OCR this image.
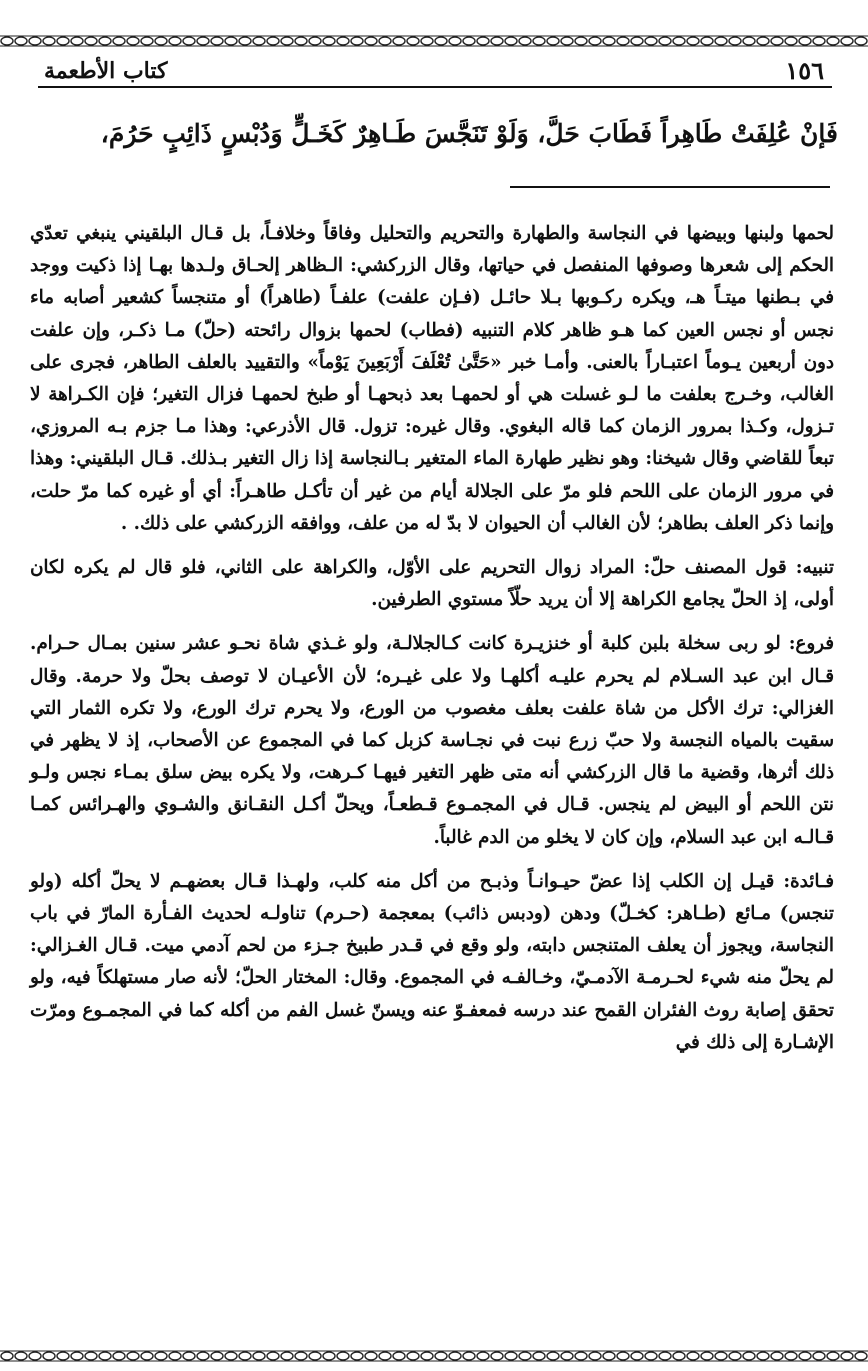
١٥٦
كتاب الأطعمة
فَإنْ عُلِفَتْ طَاهِراً فَطَابَ حَلَّ، وَلَوْ تَنَجَّسَ طَـاهِرٌ كَخَـلٍّ وَدُبْسٍ ذَائِبٍ حَرُمَ،

لحمها ولبنها وبيضها في النجاسة والطهارة والتحريم والتحليل وفاقاً وخلافـاً، بل قـال البلقيني ينبغي تعدّي الحكم إلى شعرها وصوفها المنفصل في حياتها، وقال الزركشي: الـظاهر إلحـاق ولـدها بهـا إذا ذكيت ووجد في بـطنها ميتـاً هـ، ويكره ركـوبها بـلا حائـل (فـإن علفت) علفـاً (طاهراً) أو متنجساً كشعير أصابه ماء نجس أو نجس العين كما هـو ظاهر كلام التنبيه (فطاب) لحمها بزوال رائحته (حلّ) مـا ذكـر، وإن علفت دون أربعين يـوماً اعتبـاراً بالعنى. وأمـا خبر «حَتَّىٰ تُعْلَفَ أَرْبَعِينَ يَوْماً» والتقييد بالعلف الطاهر، فجرى على الغالب، وخـرج بعلفت ما لـو غسلت هي أو لحمهـا بعد ذبحهـا أو طبخ لحمهـا فزال التغير؛ فإن الكـراهة لا تـزول، وكـذا بمرور الزمان كما قاله البغوي. وقال غيره: تزول. قال الأذرعي: وهذا مـا جزم بـه المروزي، تبعاً للقاضي وقال شيخنا: وهو نظير طهارة الماء المتغير بـالنجاسة إذا زال التغير بـذلك. قـال البلقيني: وهذا في مرور الزمان على اللحم فلو مرّ على الجلالة أيام من غير أن تأكـل طاهـراً: أي أو غيره كما مرّ حلت، وإنما ذكر العلف بطاهر؛ لأن الغالب أن الحيوان لا بدّ له من علف، ووافقه الزركشي على ذلك. .

تنبيه: قول المصنف حلّ: المراد زوال التحريم على الأوّل، والكراهة على الثاني، فلو قال لم يكره لكان أولى، إذ الحلّ يجامع الكراهة إلا أن يريد حلّاً مستوي الطرفين.

فروع: لو ربى سخلة بلبن كلبة أو خنزيـرة كانت كـالجلالـة، ولو غـذي شاة نحـو عشر سنين بمـال حـرام. قـال ابن عبد السـلام لم يحرم عليـه أكلهـا ولا على غيـره؛ لأن الأعيـان لا توصف بحلّ ولا حرمة. وقال الغزالي: ترك الأكل من شاة علفت بعلف مغصوب من الورع، ولا يحرم ترك الورع، ولا تكره الثمار التي سقيت بالمياه النجسة ولا حبّ زرع نبت في نجـاسة كزبل كما في المجموع عن الأصحاب، إذ لا يظهر في ذلك أثرها، وقضية ما قال الزركشي أنه متى ظهر التغير فيهـا كـرهت، ولا يكره بيض سلق بمـاء نجس ولـو نتن اللحم أو البيض لم ينجس. قـال في المجمـوع قـطعـاً، ويحلّ أكـل النقـانق والشـوي والهـرائس كمـا قـالـه ابن عبد السلام، وإن كان لا يخلو من الدم غالباً.

فـائدة: قيـل إن الكلب إذا عضّ حيـوانـاً وذبـح من أكل منه كلب، ولهـذا قـال بعضهـم لا يحلّ أكله (ولو تنجس) مـائع (طـاهر: كخـلّ) ودهن (ودبس ذائب) بمعجمة (حـرم) تناولـه لحديث الفـأرة المارّ في باب النجاسة، ويجوز أن يعلف المتنجس دابته، ولو وقع في قـدر طبيخ جـزء من لحم آدمي ميت. قـال الغـزالي: لم يحلّ منه شيء لحـرمـة الآدمـيّ، وخـالفـه في المجموع. وقال: المختار الحلّ؛ لأنه صار مستهلكاً فيه، ولو تحقق إصابة روث الفئران القمح عند درسه فمعفـوّ عنه ويسنّ غسل الفم من أكله كما في المجمـوع ومرّت الإشـارة إلى ذلك في
